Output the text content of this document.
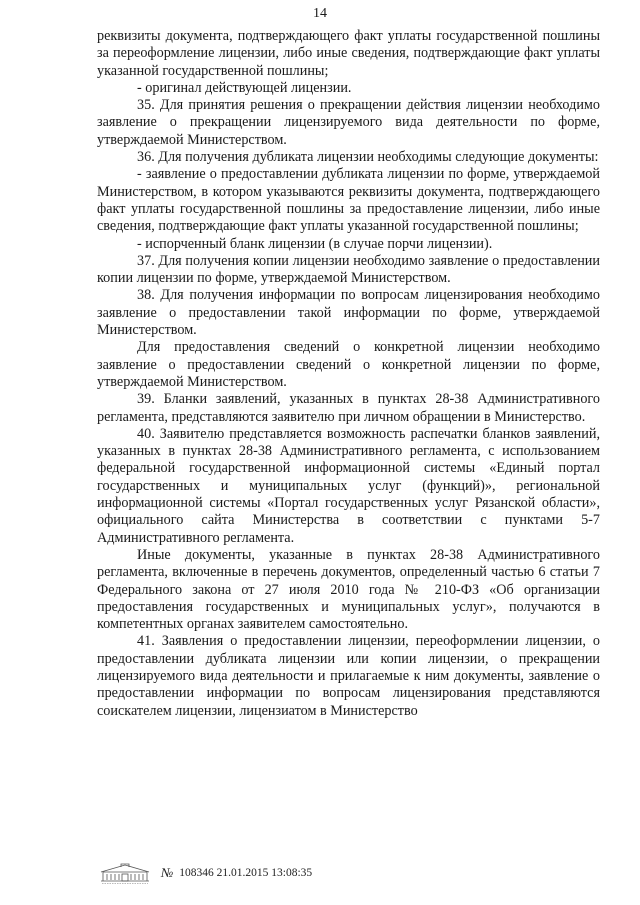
14

реквизиты документа, подтверждающего факт уплаты государственной пошлины за переоформление лицензии, либо иные сведения, подтверждающие факт уплаты указанной государственной пошлины;

- оригинал действующей лицензии.

35. Для принятия решения о прекращении действия лицензии необходимо заявление о прекращении лицензируемого вида деятельности по форме, утверждаемой Министерством.

36. Для получения дубликата лицензии необходимы следующие документы:

- заявление о предоставлении дубликата лицензии по форме, утверждаемой Министерством, в котором указываются реквизиты документа, подтверждающего факт уплаты государственной пошлины за предоставление лицензии, либо иные сведения, подтверждающие факт уплаты указанной государственной пошлины;

- испорченный бланк лицензии (в случае порчи лицензии).

37. Для получения копии лицензии необходимо заявление о предоставлении копии лицензии по форме, утверждаемой Министерством.

38. Для получения информации по вопросам лицензирования необходимо заявление о предоставлении такой информации по форме, утверждаемой Министерством.

Для предоставления сведений о конкретной лицензии необходимо заявление о предоставлении сведений о конкретной лицензии по форме, утверждаемой Министерством.

39. Бланки заявлений, указанных в пунктах 28-38 Административного регламента, представляются заявителю при личном обращении в Министерство.

40. Заявителю представляется возможность распечатки бланков заявлений, указанных в пунктах 28-38 Административного регламента, с использованием федеральной государственной информационной системы «Единый портал государственных и муниципальных услуг (функций)», региональной информационной системы «Портал государственных услуг Рязанской области», официального сайта Министерства в соответствии с пунктами 5-7 Административного регламента.

Иные документы, указанные в пунктах 28-38 Административного регламента, включенные в перечень документов, определенный частью 6 статьи 7 Федерального закона от 27 июля 2010 года № 210-ФЗ «Об организации предоставления государственных и муниципальных услуг», получаются в компетентных органах заявителем самостоятельно.

41. Заявления о предоставлении лицензии, переоформлении лицензии, о предоставлении дубликата лицензии или копии лицензии, о прекращении лицензируемого вида деятельности и прилагаемые к ним документы, заявление о предоставлении информации по вопросам лицензирования представляются соискателем лицензии, лицензиатом в Министерство

№ 108346 21.01.2015 13:08:35
